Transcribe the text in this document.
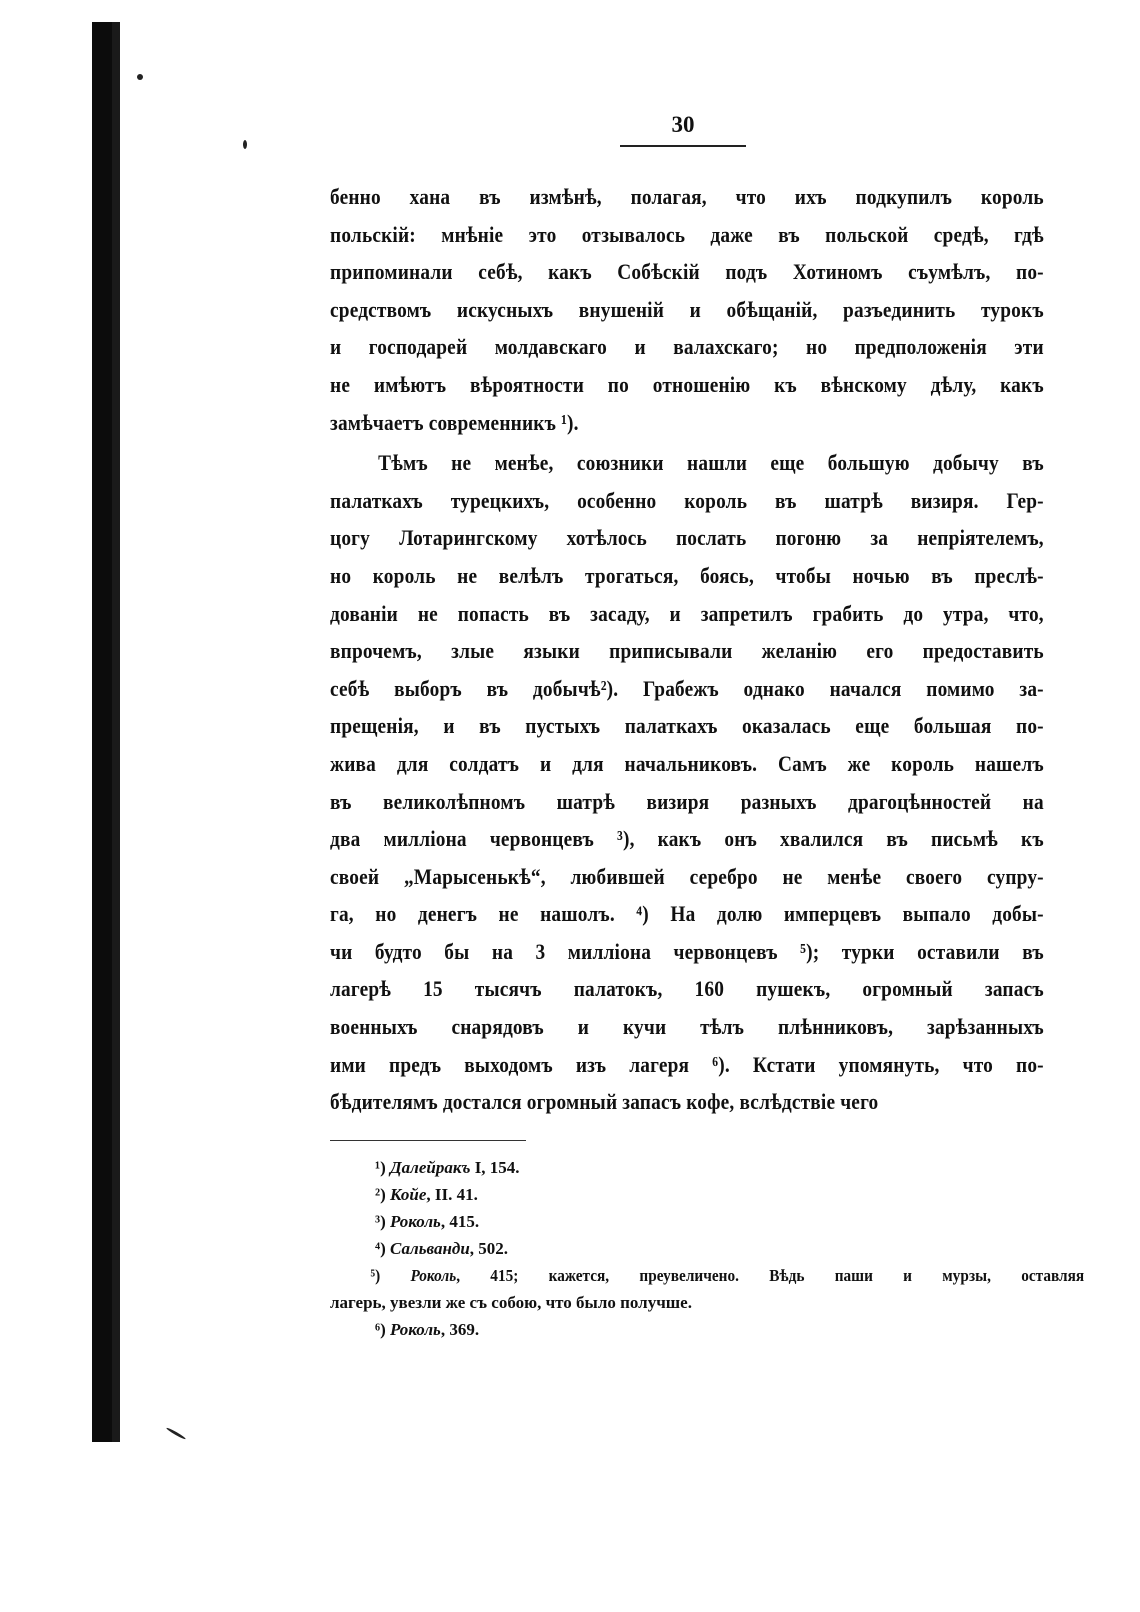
30
бенно хана въ измѣнѣ, полагая, что ихъ подкупилъ король
польскій: мнѣніе это отзывалось даже въ польской средѣ, гдѣ
припоминали себѣ, какъ Собѣскій подъ Хотиномъ съумѣлъ, по-
средствомъ искусныхъ внушеній и обѣщаній, разъединить турокъ
и господарей молдавскаго и валахскаго; но предположенія эти
не имѣютъ вѣроятности по отношенію къ вѣнскому дѣлу, какъ
замѣчаетъ современникъ ¹).
Тѣмъ не менѣе, союзники нашли еще большую добычу въ
палаткахъ турецкихъ, особенно король въ шатрѣ визиря. Гер-
цогу Лотарингскому хотѣлось послать погоню за непріятелемъ,
но король не велѣлъ трогаться, боясь, чтобы ночью въ преслѣ-
дованіи не попасть въ засаду, и запретилъ грабить до утра, что,
впрочемъ, злые языки приписывали желанію его предоставить
себѣ выборъ въ добычѣ²). Грабежъ однако начался помимо за-
прещенія, и въ пустыхъ палаткахъ оказалась еще большая по-
жива для солдатъ и для начальниковъ. Самъ же король нашелъ
въ великолѣпномъ шатрѣ визиря разныхъ драгоцѣнностей на
два милліона червонцевъ ³), какъ онъ хвалился въ письмѣ къ
своей „Марысенькѣ“, любившей серебро не менѣе своего супру-
га, но денегъ не нашолъ. ⁴) На долю имперцевъ выпало добы-
чи будто бы на 3 милліона червонцевъ ⁵); турки оставили въ
лагерѣ 15 тысячъ палатокъ, 160 пушекъ, огромный запасъ
военныхъ снарядовъ и кучи тѣлъ плѣнниковъ, зарѣзанныхъ
ими предъ выходомъ изъ лагеря ⁶). Кстати упомянуть, что по-
бѣдителямъ достался огромный запасъ кофе, вслѣдствіе чего
¹) Далейракъ I, 154.
²) Койе, II. 41.
³) Роколь, 415.
⁴) Сальванди, 502.
⁵) Роколь, 415; кажется, преувеличено. Вѣдь паши и мурзы, оставляя
лагерь, увезли же съ собою, что было получше.
⁶) Роколь, 369.
